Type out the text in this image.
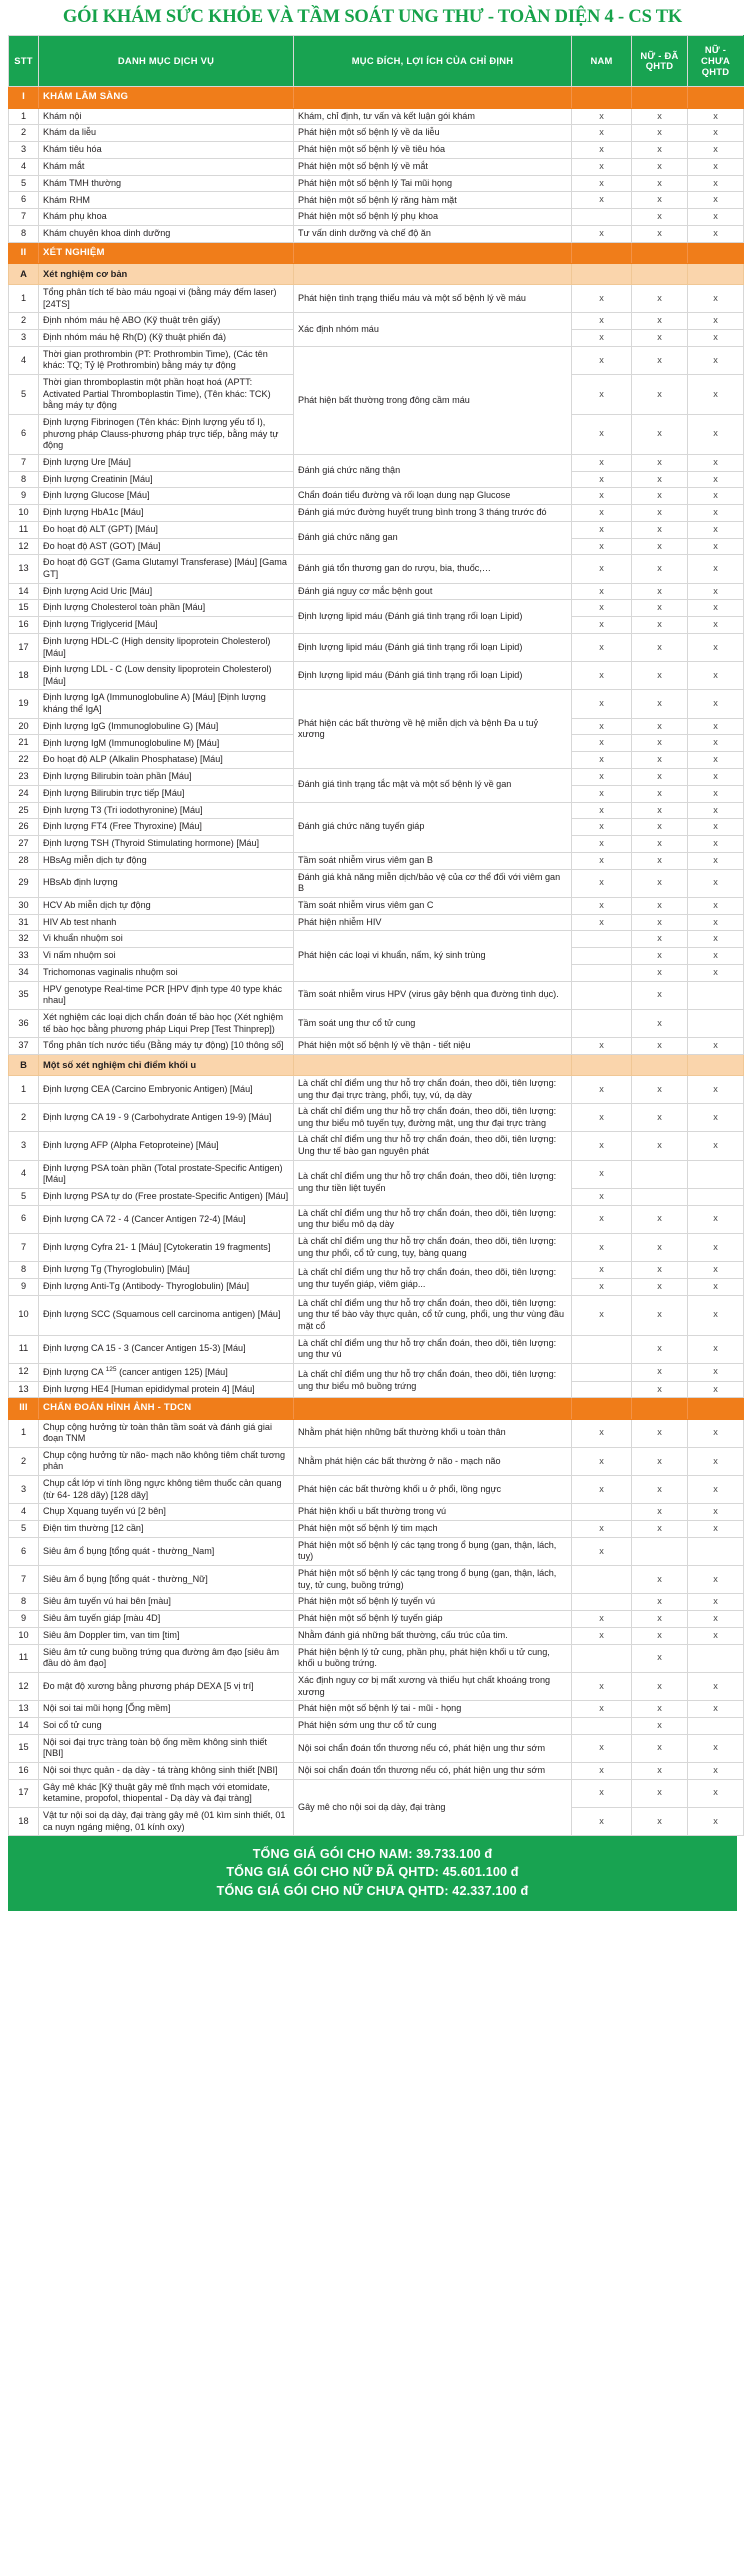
GÓI KHÁM SỨC KHỎE VÀ TẦM SOÁT UNG THƯ - TOÀN DIỆN 4 - CS TK
STT	DANH MỤC DỊCH VỤ	MỤC ĐÍCH, LỢI ÍCH CỦA CHỈ ĐỊNH	NAM	NỮ - ĐÃ QHTD	NỮ - CHƯA QHTD
I	KHÁM LÂM SÀNG				
1	Khám nội	Khám, chỉ định, tư vấn và kết luận gói khám	x	x	x
2	Khám da liễu	Phát hiện một số bệnh lý về da liễu	x	x	x
3	Khám tiêu hóa	Phát hiện một số bệnh lý về tiêu hóa	x	x	x
4	Khám mắt	Phát hiện một số bệnh lý về mắt	x	x	x
5	Khám TMH thường	Phát hiện một số bệnh lý Tai mũi họng	x	x	x
6	Khám RHM	Phát hiện một số bệnh lý răng hàm mặt	x	x	x
7	Khám phụ khoa	Phát hiện một số bệnh lý phụ khoa		x	x
8	Khám chuyên khoa dinh dưỡng	Tư vấn dinh dưỡng và chế độ ăn	x	x	x
II	XÉT NGHIỆM				
A	Xét nghiệm cơ bản				
1	Tổng phân tích tế bào máu ngoại vi (bằng máy đếm laser) [24TS]	Phát hiện tình trạng thiếu máu và một số bệnh lý về máu	x	x	x
2	Định nhóm máu hệ ABO (Kỹ thuật trên giấy)	Xác định nhóm máu	x	x	x
3	Định nhóm máu hệ Rh(D) (Kỹ thuật phiến đá)		x	x	x
4	Thời gian prothrombin (PT: Prothrombin Time), (Các tên khác: TQ; Tỷ lệ Prothrombin) bằng máy tự động	Phát hiện bất thường trong đông cầm máu	x	x	x
5	Thời gian thromboplastin một phần hoạt hoá (APTT: Activated Partial Thromboplastin Time), (Tên khác: TCK) bằng máy tự động		x	x	x
6	Định lượng Fibrinogen (Tên khác: Định lượng yếu tố I), phương pháp Clauss-phương pháp trực tiếp, bằng máy tự động		x	x	x
7	Định lượng Ure [Máu]	Đánh giá chức năng thận	x	x	x
8	Định lượng Creatinin [Máu]		x	x	x
9	Định lượng Glucose [Máu]	Chẩn đoán tiểu đường và rối loạn dung nạp Glucose	x	x	x
10	Định lượng HbA1c [Máu]	Đánh giá mức đường huyết trung bình trong 3 tháng trước đó	x	x	x
11	Đo hoạt độ ALT (GPT) [Máu]	Đánh giá chức năng gan	x	x	x
12	Đo hoạt độ AST (GOT) [Máu]		x	x	x
13	Đo hoạt độ GGT (Gama Glutamyl Transferase) [Máu] [Gama GT]	Đánh giá tổn thương gan do rượu, bia, thuốc,…	x	x	x
14	Định lượng Acid Uric [Máu]	Đánh giá nguy cơ mắc bệnh gout	x	x	x
15	Định lượng Cholesterol toàn phần [Máu]	Định lượng lipid máu (Đánh giá tình trạng rối loạn Lipid)	x	x	x
16	Định lượng Triglycerid [Máu]		x	x	x
17	Định lượng HDL-C (High density lipoprotein Cholesterol) [Máu]	Định lượng lipid máu (Đánh giá tình trạng rối loạn Lipid)	x	x	x
18	Định lượng LDL - C (Low density lipoprotein Cholesterol) [Máu]	Định lượng lipid máu (Đánh giá tình trạng rối loạn Lipid)	x	x	x
19	Định lượng IgA (Immunoglobuline A) [Máu] [Định lượng kháng thể IgA]	Phát hiện các bất thường về hệ miễn dịch và bệnh Đa u tuỷ xương	x	x	x
20	Định lượng IgG (Immunoglobuline G) [Máu]		x	x	x
21	Định lượng IgM (Immunoglobuline M) [Máu]		x	x	x
22	Đo hoạt độ ALP (Alkalin Phosphatase) [Máu]		x	x	x
23	Định lượng Bilirubin toàn phần [Máu]	Đánh giá tình trạng tắc mật và một số bệnh lý về gan	x	x	x
24	Định lượng Bilirubin trực tiếp [Máu]		x	x	x
25	Định lượng T3 (Tri iodothyronine) [Máu]	Đánh giá chức năng tuyến giáp	x	x	x
26	Định lượng FT4 (Free Thyroxine) [Máu]		x	x	x
27	Định lượng TSH (Thyroid Stimulating hormone) [Máu]		x	x	x
28	HBsAg miễn dịch tự động	Tầm soát nhiễm virus viêm gan B	x	x	x
29	HBsAb định lượng	Đánh giá khả năng miễn dịch/bảo vệ của cơ thể đối với viêm gan B	x	x	x
30	HCV Ab miễn dịch tự động	Tầm soát nhiễm virus viêm gan C	x	x	x
31	HIV Ab test nhanh	Phát hiện nhiễm HIV	x	x	x
32	Vi khuẩn nhuộm soi	Phát hiện các loại vi khuẩn, nấm, ký sinh trùng		x	x
33	Vi nấm nhuộm soi			x	x
34	Trichomonas vaginalis nhuộm soi			x	x
35	HPV genotype Real-time PCR [HPV định type 40 type khác nhau]	Tầm soát nhiễm virus HPV (virus gây bệnh qua đường tình dục).		x	
36	Xét nghiệm các loại dịch chẩn đoán tế bào học (Xét nghiệm tế bào học bằng phương pháp Liqui Prep [Test Thinprep])	Tầm soát ung thư cổ tử cung		x	
37	Tổng phân tích nước tiểu (Bằng máy tự động) [10 thông số]	Phát hiện một số bệnh lý về thận - tiết niệu	x	x	x
B	Một số xét nghiệm chỉ điểm khối u				
1	Định lượng CEA (Carcino Embryonic Antigen) [Máu]	Là chất chỉ điểm ung thư hỗ trợ chẩn đoán, theo dõi, tiên lượng: ung thư đại trực tràng, phổi, tụy, vú, dạ dày	x	x	x
2	Định lượng CA 19 - 9 (Carbohydrate Antigen 19-9) [Máu]	Là chất chỉ điểm ung thư hỗ trợ chẩn đoán, theo dõi, tiên lượng: ung thư biểu mô tuyến tụy, đường mật, ung thư đại trực tràng	x	x	x
3	Định lượng AFP (Alpha Fetoproteine) [Máu]	Là chất chỉ điểm ung thư hỗ trợ chẩn đoán, theo dõi, tiên lượng: Ung thư tế bào gan nguyên phát	x	x	x
4	Định lượng PSA toàn phần (Total prostate-Specific Antigen) [Máu]	Là chất chỉ điểm ung thư hỗ trợ chẩn đoán, theo dõi, tiên lượng: ung thư tiền liệt tuyến	x		
5	Định lượng PSA tự do (Free prostate-Specific Antigen) [Máu]		x		
6	Định lượng CA 72 - 4 (Cancer Antigen 72-4) [Máu]	Là chất chỉ điểm ung thư hỗ trợ chẩn đoán, theo dõi, tiên lượng: ung thư biểu mô dạ dày	x	x	x
7	Định lượng Cyfra 21- 1 [Máu] [Cytokeratin 19 fragments]	Là chất chỉ điểm ung thư hỗ trợ chẩn đoán, theo dõi, tiên lượng: ung thư phổi, cổ tử cung, tụy, bàng quang	x	x	x
8	Định lượng Tg (Thyroglobulin) [Máu]	Là chất chỉ điểm ung thư hỗ trợ chẩn đoán, theo dõi, tiên lượng: ung thư tuyến giáp, viêm giáp...	x	x	x
9	Định lượng Anti-Tg (Antibody- Thyroglobulin) [Máu]		x	x	x
10	Định lượng SCC (Squamous cell carcinoma antigen) [Máu]	Là chất chỉ điểm ung thư hỗ trợ chẩn đoán, theo dõi, tiên lượng: ung thư tế bào vảy thực quản, cổ tử cung, phổi, ung thư vùng đầu mặt cổ	x	x	x
11	Định lượng CA 15 - 3 (Cancer Antigen 15-3) [Máu]	Là chất chỉ điểm ung thư hỗ trợ chẩn đoán, theo dõi, tiên lượng: ung thư vú		x	x
12	Định lượng CA $^{125}$ (cancer antigen 125) [Máu]	Là chất chỉ điểm ung thư hỗ trợ chẩn đoán, theo dõi, tiên lượng: ung thư biểu mô buồng trứng		x	x
13	Định lượng HE4 [Human epididymal protein 4] [Máu]			x	x
III	CHẨN ĐOÁN HÌNH ẢNH - TDCN				
1	Chụp cộng hưởng từ toàn thân tầm soát và đánh giá giai đoạn TNM	Nhằm phát hiện những bất thường khối u toàn thân	x	x	x
2	Chụp cộng hưởng từ não- mạch não không tiêm chất tương phản	Nhằm phát hiện các bất thường ở não - mạch não	x	x	x
3	Chụp cắt lớp vi tính lồng ngực không tiêm thuốc cản quang (từ 64- 128 dãy) [128 dãy]	Phát hiện các bất thường khối u ở phổi, lồng ngực	x	x	x
4	Chụp Xquang tuyến vú [2 bên]	Phát hiện khối u bất thường trong vú		x	x
5	Điện tim thường [12 cần]	Phát hiện một số bệnh lý tim mạch	x	x	x
6	Siêu âm ổ bụng [tổng quát - thường_Nam]	Phát hiện một số bệnh lý các tạng trong ổ bụng (gan, thận, lách, tuỵ)	x		
7	Siêu âm ổ bụng [tổng quát - thường_Nữ]	Phát hiện một số bệnh lý các tạng trong ổ bụng (gan, thận, lách, tuỵ, tử cung, buồng trứng)		x	x
8	Siêu âm tuyến vú hai bên [màu]	Phát hiện một số bệnh lý tuyến vú		x	x
9	Siêu âm tuyến giáp [màu 4D]	Phát hiện một số bệnh lý tuyến giáp	x	x	x
10	Siêu âm Doppler tim, van tim [tim]	Nhằm đánh giá những bất thường, cấu trúc của tim.	x	x	x
11	Siêu âm tử cung buồng trứng qua đường âm đạo [siêu âm đầu dò âm đạo]	Phát hiện bệnh lý tử cung, phần phụ, phát hiện khối u tử cung, khối u buồng trứng.		x	
12	Đo mật độ xương bằng phương pháp DEXA [5 vị trí]	Xác định nguy cơ bị mất xương và thiếu hụt chất khoáng trong xương	x	x	x
13	Nội soi tai mũi họng [Ống mềm]	Phát hiện một số bệnh lý tai - mũi - họng	x	x	x
14	Soi cổ tử cung	Phát hiện sớm ung thư cổ tử cung		x	
15	Nội soi đại trực tràng toàn bộ ống mềm không sinh thiết [NBI]	Nội soi chẩn đoán tổn thương nếu có, phát hiện ung thư sớm	x	x	x
16	Nội soi thực quản - dạ dày - tá tràng không sinh thiết [NBI]	Nội soi chẩn đoán tổn thương nếu có, phát hiện ung thư sớm	x	x	x
17	Gây mê khác [Kỹ thuật gây mê tĩnh mạch với etomidate, ketamine, propofol, thiopental - Dạ dày và đại tràng]	Gây mê cho nội soi dạ dày, đại tràng	x	x	x
18	Vật tư nội soi dạ dày, đại tràng gây mê (01 kìm sinh thiết, 01 ca nuyn ngáng miệng, 01 kính oxy)		x	x	x
TỔNG GIÁ GÓI CHO NAM: 39.733.100 đ
TỔNG GIÁ GÓI CHO NỮ ĐÃ QHTD: 45.601.100 đ
TỔNG GIÁ GÓI CHO NỮ CHƯA QHTD: 42.337.100 đ
